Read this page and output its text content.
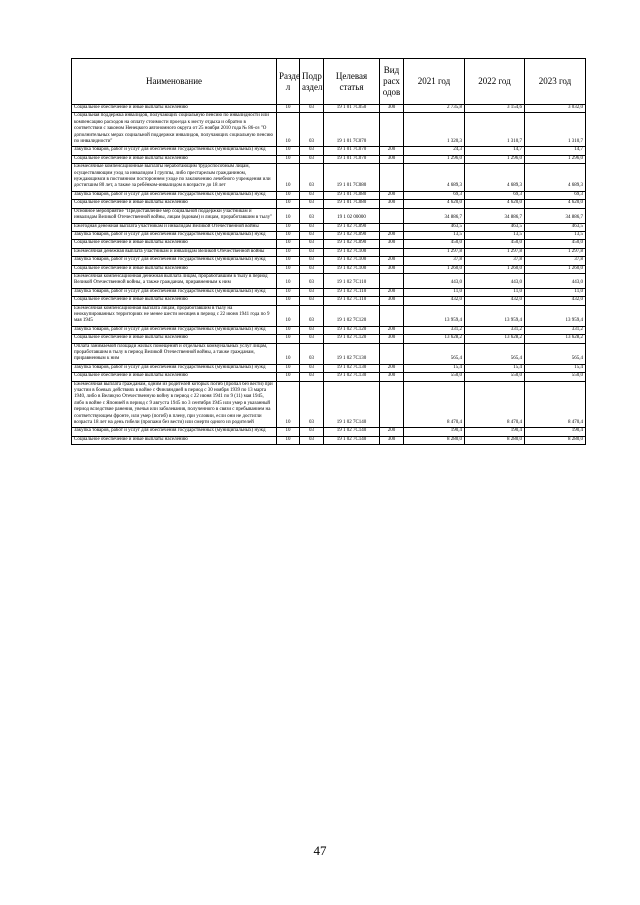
Наименование	Разде л	Подр аздел	Целевая статья	Вид расх одов	2021 год	2022 год	2023 год
Социальное обеспечение и иные выплаты населению	10	03	19 1 01 7С050	300	2 735,8	3 154,6	3 032,0
Социальная поддержка инвалидов, получающих социальную пенсию по инвалидности или компенсацию расходов на оплату стоимости проезда к месту отдыха и обратно в соответствии с законом Ненецкого автономного округа от 25 ноября 2010 года № 86-оз "О дополнительных мерах социальной поддержки инвалидов, получающих социальную пенсию по инвалидности"	10	03	19 1 01 7С070		1 320,3	1 310,7	1 310,7
Закупка товаров, работ и услуг для обеспечения государственных (муниципальных) нужд	10	03	19 1 01 7С070	200	24,3	14,7	14,7
Социальное обеспечение и иные выплаты населению	10	03	19 1 01 7С070	300	1 296,0	1 296,0	1 296,0
Ежемесячные компенсационные выплаты неработающим трудоспособным лицам, осуществляющим уход за инвалидом I группы, либо престарелым гражданином, нуждающимся в постоянном постороннем уходе по заключению лечебного учреждения или достигшим 80 лет, а также за ребёнком-инвалидом в возрасте до 18 лет	10	03	19 1 01 7С080		4 689,3	4 689,3	4 689,3
Закупка товаров, работ и услуг для обеспечения государственных (муниципальных) нужд	10	03	19 1 01 7С080	200	69,3	69,3	69,3
Социальное обеспечение и иные выплаты населению	10	03	19 1 01 7С080	300	4 620,0	4 620,0	4 620,0
Основное мероприятие "Предоставление мер социальной поддержки участникам и инвалидам Великой Отечественной войны, лицам (вдовам) и лицам, проработавшим в тылу"	10	03	19 1 02 00000		34 886,7	34 886,7	34 886,7
Ежегодная денежная выплата участникам и инвалидам Великой Отечественной войны	10	03	19 1 02 7С090		463,5	463,5	463,5
Закупка товаров, работ и услуг для обеспечения государственных (муниципальных) нужд	10	03	19 1 02 7С090	200	13,5	13,5	13,5
Социальное обеспечение и иные выплаты населению	10	03	19 1 02 7С090	300	450,0	450,0	450,0
Ежемесячная денежная выплата участникам и инвалидам Великой Отечественной войны	10	03	19 1 02 7С100		1 297,8	1 297,8	1 297,8
Закупка товаров, работ и услуг для обеспечения государственных (муниципальных) нужд	10	03	19 1 02 7С100	200	37,8	37,8	37,8
Социальное обеспечение и иные выплаты населению	10	03	19 1 02 7С100	300	1 260,0	1 260,0	1 260,0
Ежемесячная компенсационная денежная выплата лицам, проработавшим в тылу в период Великой Отечественной войны, а также гражданам, приравненным к ним	10	03	19 1 02 7С110		443,0	443,0	443,0
Закупка товаров, работ и услуг для обеспечения государственных (муниципальных) нужд	10	03	19 1 02 7С110	200	11,0	11,0	11,0
Социальное обеспечение и иные выплаты населению	10	03	19 1 02 7С110	300	432,0	432,0	432,0
Ежемесячная компенсационная выплата лицам, проработавшим в тылу на неоккупированных территориях не менее шести месяцев в период с 22 июня 1941 года по 9 мая 1945	10	03	19 1 02 7С120		13 959,4	13 959,4	13 959,4
Закупка товаров, работ и услуг для обеспечения государственных (муниципальных) нужд	10	03	19 1 02 7С120	200	331,2	331,2	331,2
Социальное обеспечение и иные выплаты населению	10	03	19 1 02 7С120	300	13 628,2	13 628,2	13 628,2
Оплата занимаемой площади жилых помещений и отдельных коммунальных услуг лицам, проработавшим в тылу в период Великой Отечественной войны, а также гражданам, приравненным к ним	10	03	19 1 02 7С130		565,4	565,4	565,4
Закупка товаров, работ и услуг для обеспечения государственных (муниципальных) нужд	10	03	19 1 02 7С130	200	15,4	15,4	15,4
Социальное обеспечение и иные выплаты населению	10	03	19 1 02 7С130	300	550,0	550,0	550,0
Ежемесячная выплата гражданам, одним из родителей которых погиб (пропал без вести) при участии в боевых действиях в войне с Финляндией в период с 30 ноября 1939 по 13 марта 1940, либо в Великую Отечественную войну в период с 22 июня 1941 по 9 (11) мая 1945, либо в войне с Японией в период с 9 августа 1945 по 3 сентября 1945 или умер в указанный период вследствие ранения, увечья или заболевания, полученного в связи с пребыванием на соответствующем фронте, или умер (погиб) в плену, при условии, если они не достигли возраста 18 лет на день гибели (пропажи без вести) или смерти одного из родителей	10	03	19 1 02 7С140		8 470,4	8 470,4	8 470,4
Закупка товаров, работ и услуг для обеспечения государственных (муниципальных) нужд	10	03	19 1 02 7С140	200	190,4	190,4	190,4
Социальное обеспечение и иные выплаты населению	10	03	19 1 02 7С140	300	8 280,0	8 280,0	8 280,0
47
